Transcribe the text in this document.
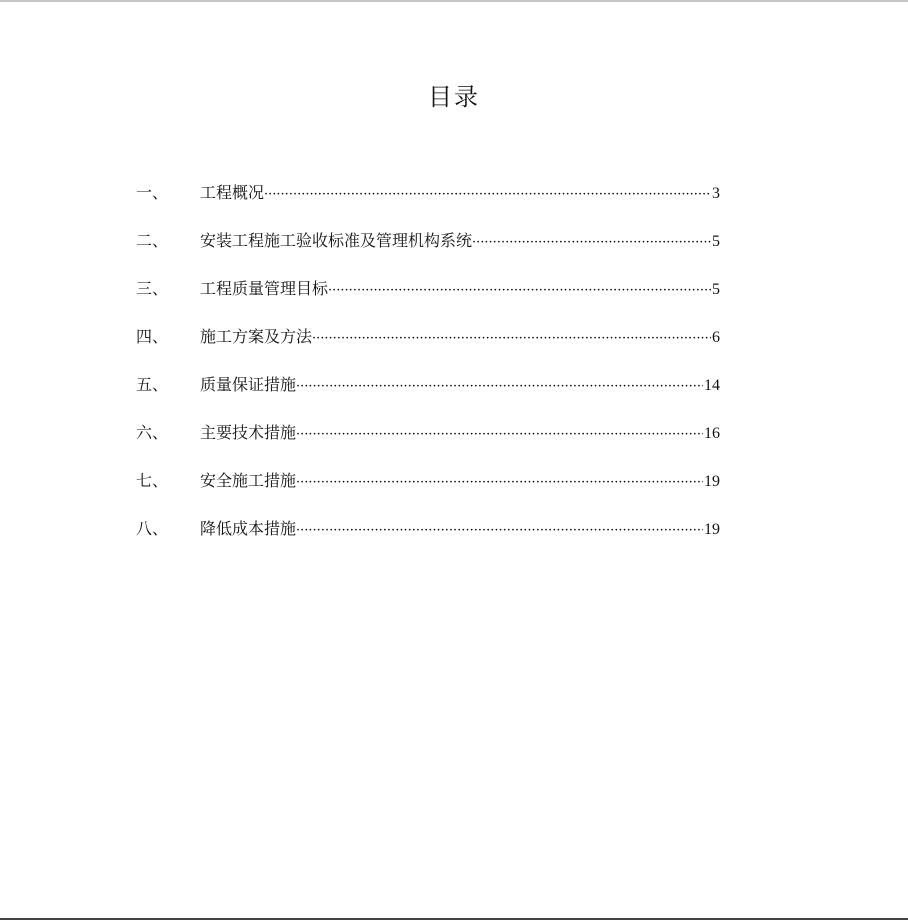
目录
一、	工程概况 ·····	3
二、	安装工程施工验收标准及管理机构系统 ·····	5
三、	工程质量管理目标 ·····	5
四、	施工方案及方法 ·····	6
五、	质量保证措施 ·····	14
六、	主要技术措施 ·····	16
七、	安全施工措施 ·····	19
八、	降低成本措施 ·····	19
